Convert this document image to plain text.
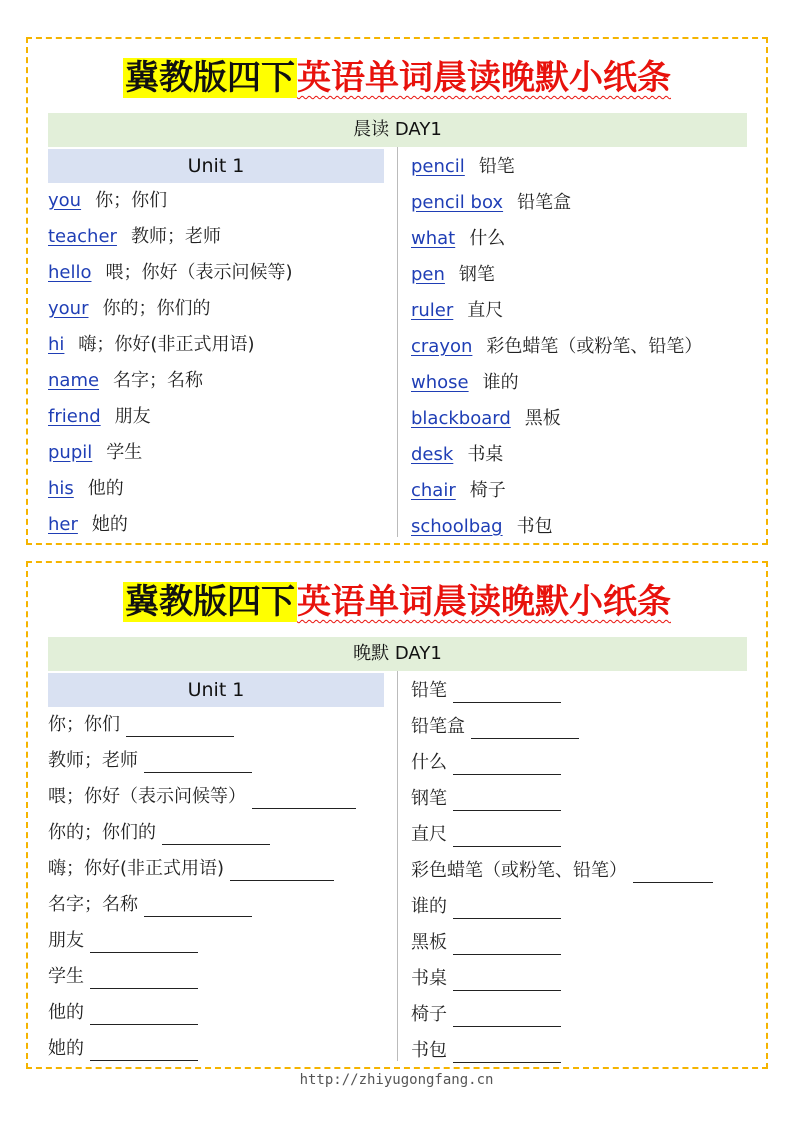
冀教版四下英语单词晨读晚默小纸条
晨读 DAY1
Unit 1
you 你；你们
teacher 教师；老师
hello 喂；你好（表示问候等)
your 你的；你们的
hi 嗨；你好(非正式用语)
name 名字；名称
friend 朋友
pupil 学生
his 他的
her 她的
pencil 铅笔
pencil box 铅笔盒
what 什么
pen 钢笔
ruler 直尺
crayon 彩色蜡笔（或粉笔、铅笔）
whose 谁的
blackboard 黑板
desk 书桌
chair 椅子
schoolbag 书包
冀教版四下英语单词晨读晚默小纸条
晚默 DAY1
Unit 1
你；你们
教师；老师
喂；你好（表示问候等）
你的；你们的
嗨；你好(非正式用语)
名字；名称
朋友
学生
他的
她的
铅笔
铅笔盒
什么
钢笔
直尺
彩色蜡笔（或粉笔、铅笔）
谁的
黑板
书桌
椅子
书包
http://zhiyugongfang.cn
